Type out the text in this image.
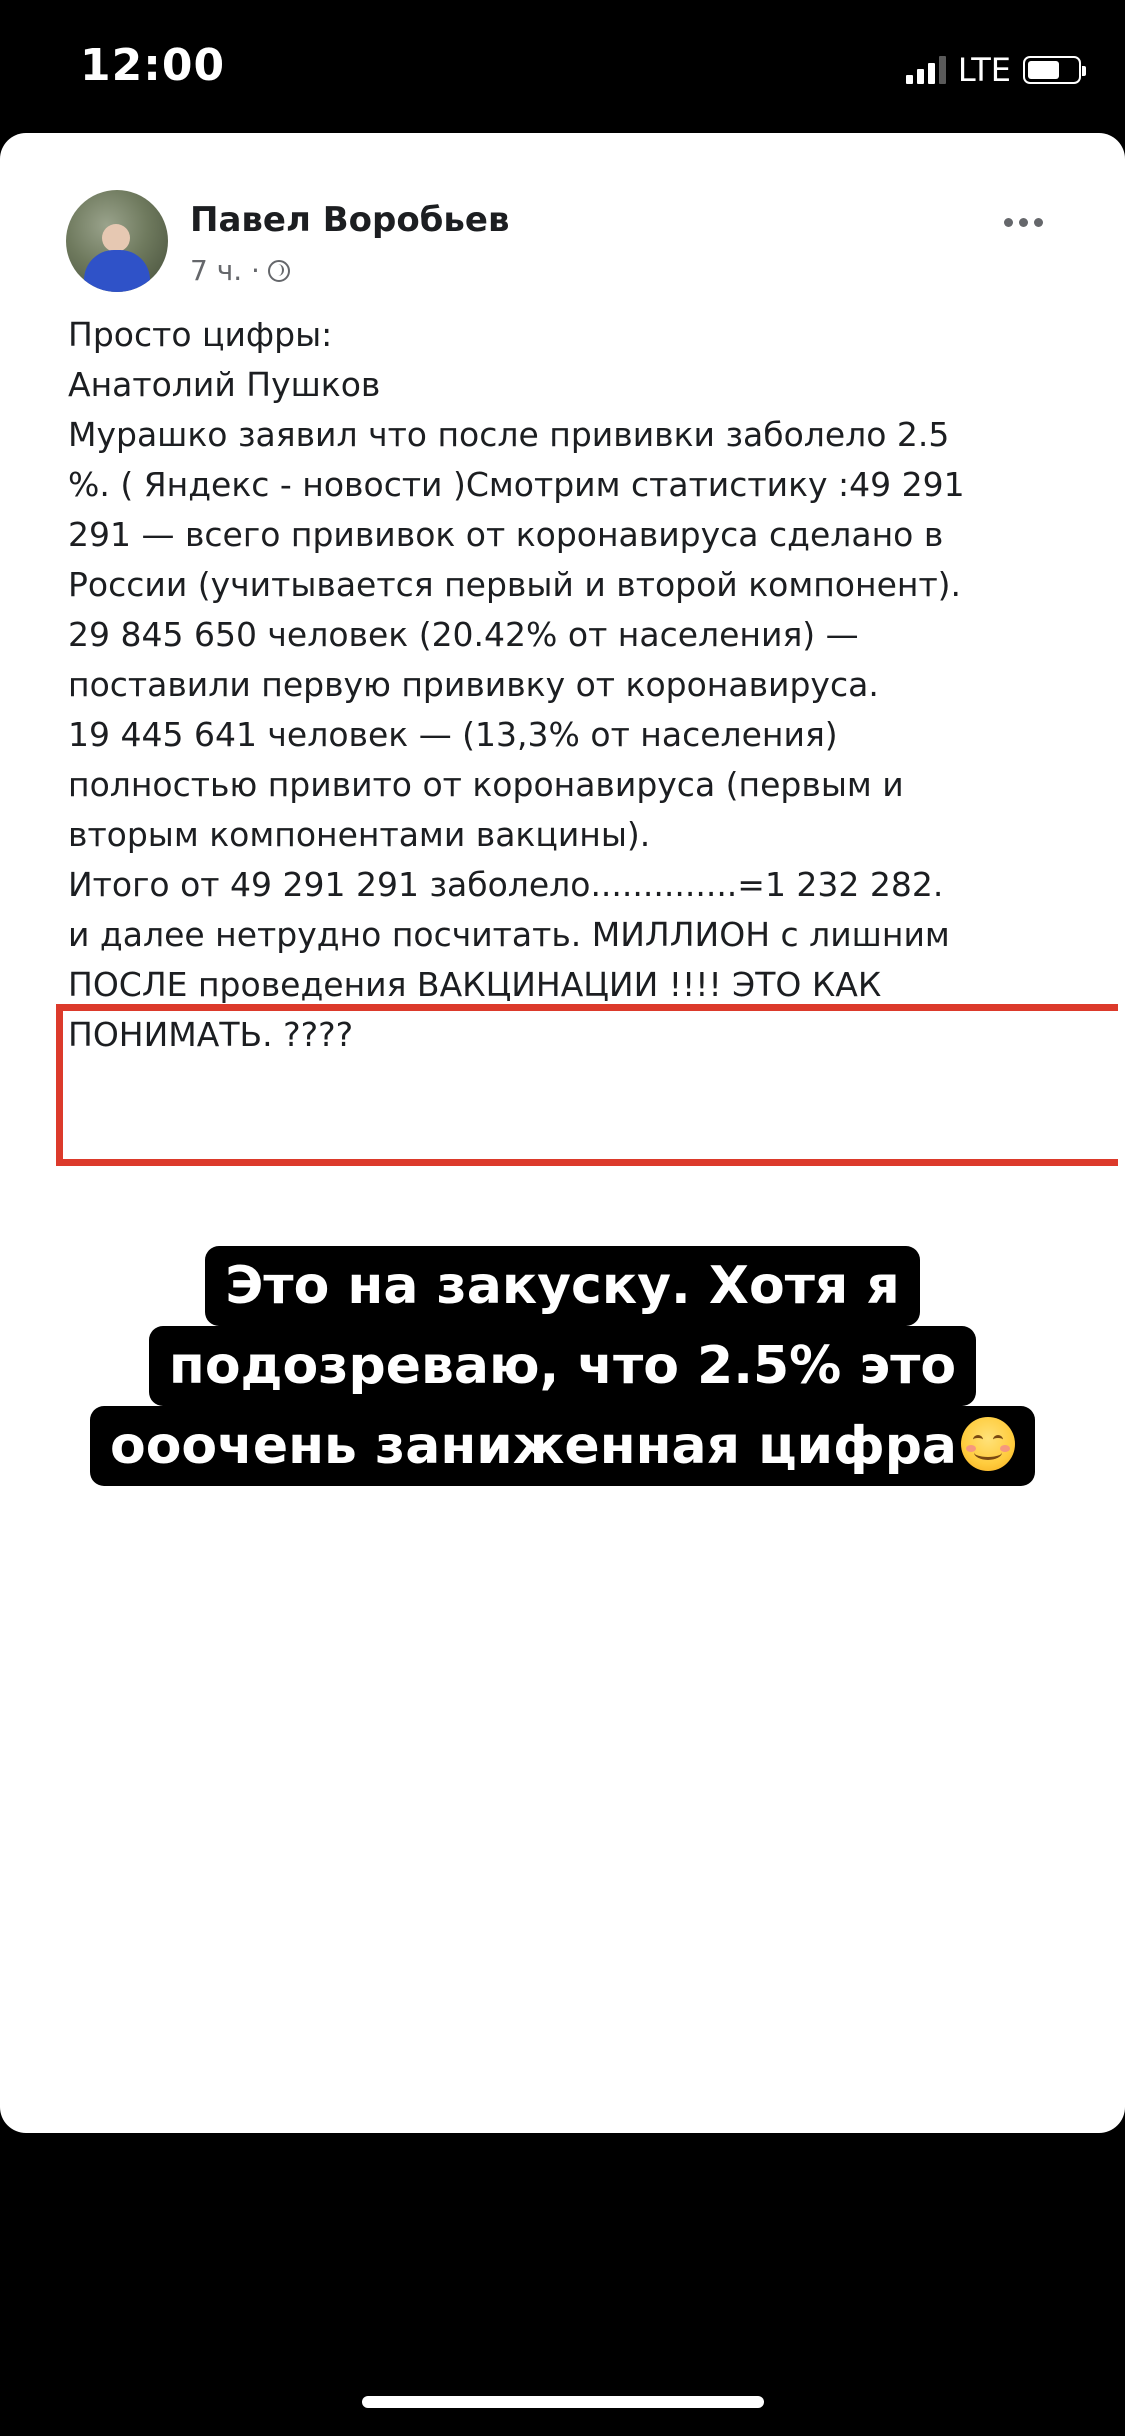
12:00	LTE
Павел Воробьев
7 ч. ·
Просто цифры:
Анатолий Пушков
Мурашко заявил что после прививки заболело 2.5
%. ( Яндекс - новости )Смотрим статистику :49 291
291 — всего прививок от коронавируса сделано в
России (учитывается первый и второй компонент).
29 845 650 человек (20.42% от населения) —
поставили первую прививку от коронавируса.
19 445 641 человек — (13,3% от населения)
полностью привито от коронавируса (первым и
вторым компонентами вакцины).
Итого от 49 291 291 заболело..............=1 232 282.
и далее нетрудно посчитать. МИЛЛИОН с лишним
ПОСЛЕ проведения ВАКЦИНАЦИИ !!!! ЭТО КАК
ПОНИМАТЬ. ????
Это на закуску. Хотя я
подозреваю, что 2.5% это
ооочень заниженная цифра
